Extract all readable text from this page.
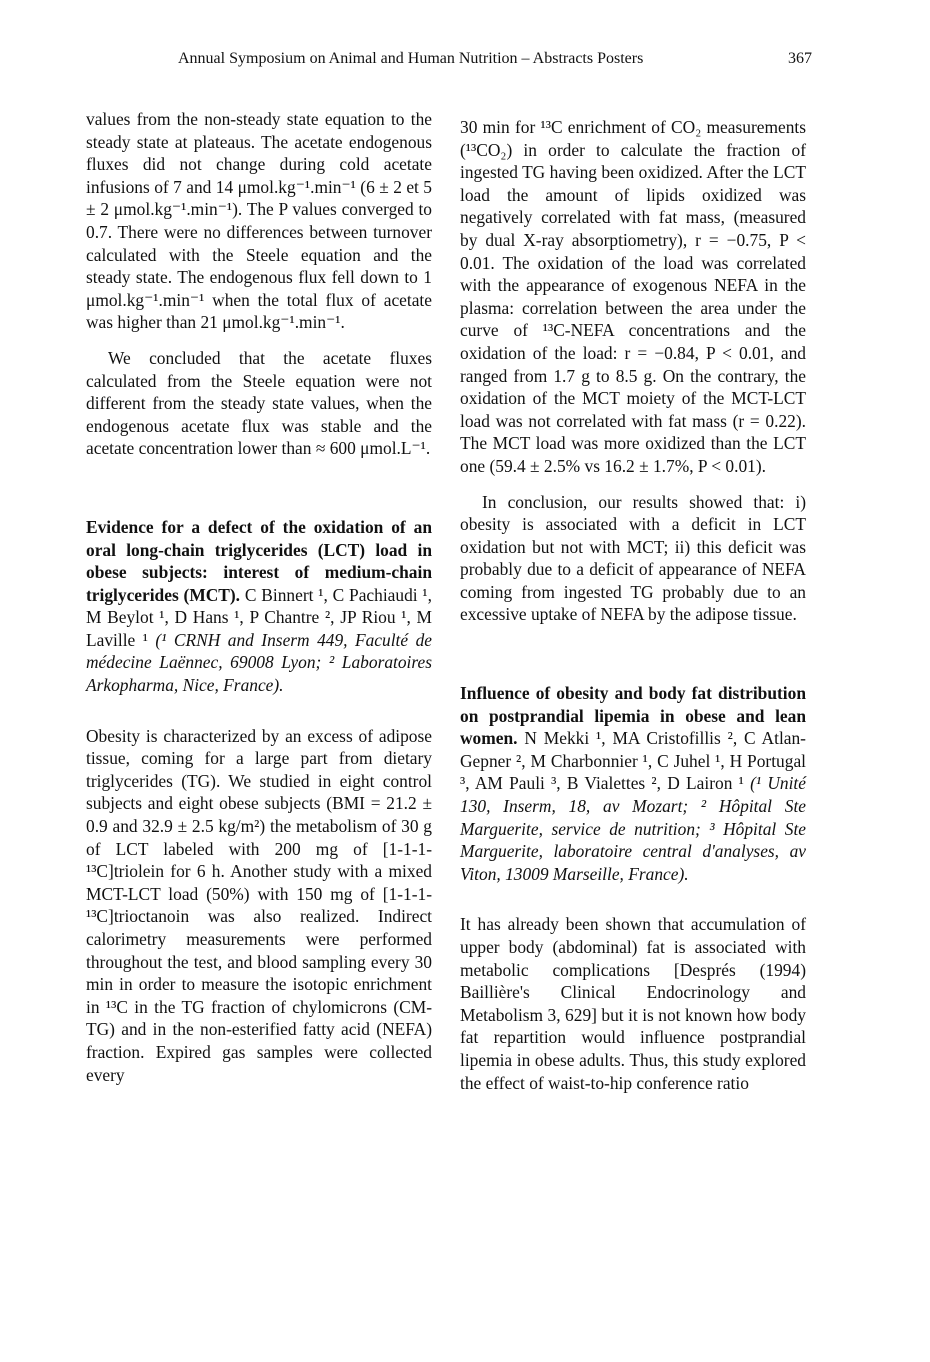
Annual Symposium on Animal and Human Nutrition – Abstracts Posters	367

values from the non-steady state equation to the steady state at plateaus. The acetate endogenous fluxes did not change during cold acetate infusions of 7 and 14 μmol.kg⁻¹.min⁻¹ (6 ± 2 et 5 ± 2 μmol.kg⁻¹.min⁻¹). The P values converged to 0.7. There were no differences between turnover calculated with the Steele equation and the steady state. The endogenous flux fell down to 1 μmol.kg⁻¹.min⁻¹ when the total flux of acetate was higher than 21 μmol.kg⁻¹.min⁻¹.

We concluded that the acetate fluxes calculated from the Steele equation were not different from the steady state values, when the endogenous acetate flux was stable and the acetate concentration lower than ≈ 600 μmol.L⁻¹.

Evidence for a defect of the oxidation of an oral long-chain triglycerides (LCT) load in obese subjects: interest of medium-chain triglycerides (MCT). C Binnert ¹, C Pachiaudi ¹, M Beylot ¹, D Hans ¹, P Chantre ², JP Riou ¹, M Laville ¹ (¹ CRNH and Inserm 449, Faculté de médecine Laënnec, 69008 Lyon; ² Laboratoires Arkopharma, Nice, France).

Obesity is characterized by an excess of adipose tissue, coming for a large part from dietary triglycerides (TG). We studied in eight control subjects and eight obese subjects (BMI = 21.2 ± 0.9 and 32.9 ± 2.5 kg/m²) the metabolism of 30 g of LCT labeled with 200 mg of [1-1-1-¹³C]triolein for 6 h. Another study with a mixed MCT-LCT load (50%) with 150 mg of [1-1-1-¹³C]trioctanoin was also realized. Indirect calorimetry measurements were performed throughout the test, and blood sampling every 30 min in order to measure the isotopic enrichment in ¹³C in the TG fraction of chylomicrons (CM-TG) and in the non-esterified fatty acid (NEFA) fraction. Expired gas samples were collected every

30 min for ¹³C enrichment of CO₂ measurements (¹³CO₂) in order to calculate the fraction of ingested TG having been oxidized. After the LCT load the amount of lipids oxidized was negatively correlated with fat mass, (measured by dual X-ray absorptiometry), r = −0.75, P < 0.01. The oxidation of the load was correlated with the appearance of exogenous NEFA in the plasma: correlation between the area under the curve of ¹³C-NEFA concentrations and the oxidation of the load: r = −0.84, P < 0.01, and ranged from 1.7 g to 8.5 g. On the contrary, the oxidation of the MCT moiety of the MCT-LCT load was not correlated with fat mass (r = 0.22). The MCT load was more oxidized than the LCT one (59.4 ± 2.5% vs 16.2 ± 1.7%, P < 0.01).

In conclusion, our results showed that: i) obesity is associated with a deficit in LCT oxidation but not with MCT; ii) this deficit was probably due to a deficit of appearance of NEFA coming from ingested TG probably due to an excessive uptake of NEFA by the adipose tissue.

Influence of obesity and body fat distribution on postprandial lipemia in obese and lean women. N Mekki ¹, MA Cristofillis ², C Atlan-Gepner ², M Charbonnier ¹, C Juhel ¹, H Portugal ³, AM Pauli ³, B Vialettes ², D Lairon ¹ (¹ Unité 130, Inserm, 18, av Mozart; ² Hôpital Ste Marguerite, service de nutrition; ³ Hôpital Ste Marguerite, laboratoire central d'analyses, av Viton, 13009 Marseille, France).

It has already been shown that accumulation of upper body (abdominal) fat is associated with metabolic complications [Després (1994) Baillière's Clinical Endocrinology and Metabolism 3, 629] but it is not known how body fat repartition would influence postprandial lipemia in obese adults. Thus, this study explored the effect of waist-to-hip conference ratio
